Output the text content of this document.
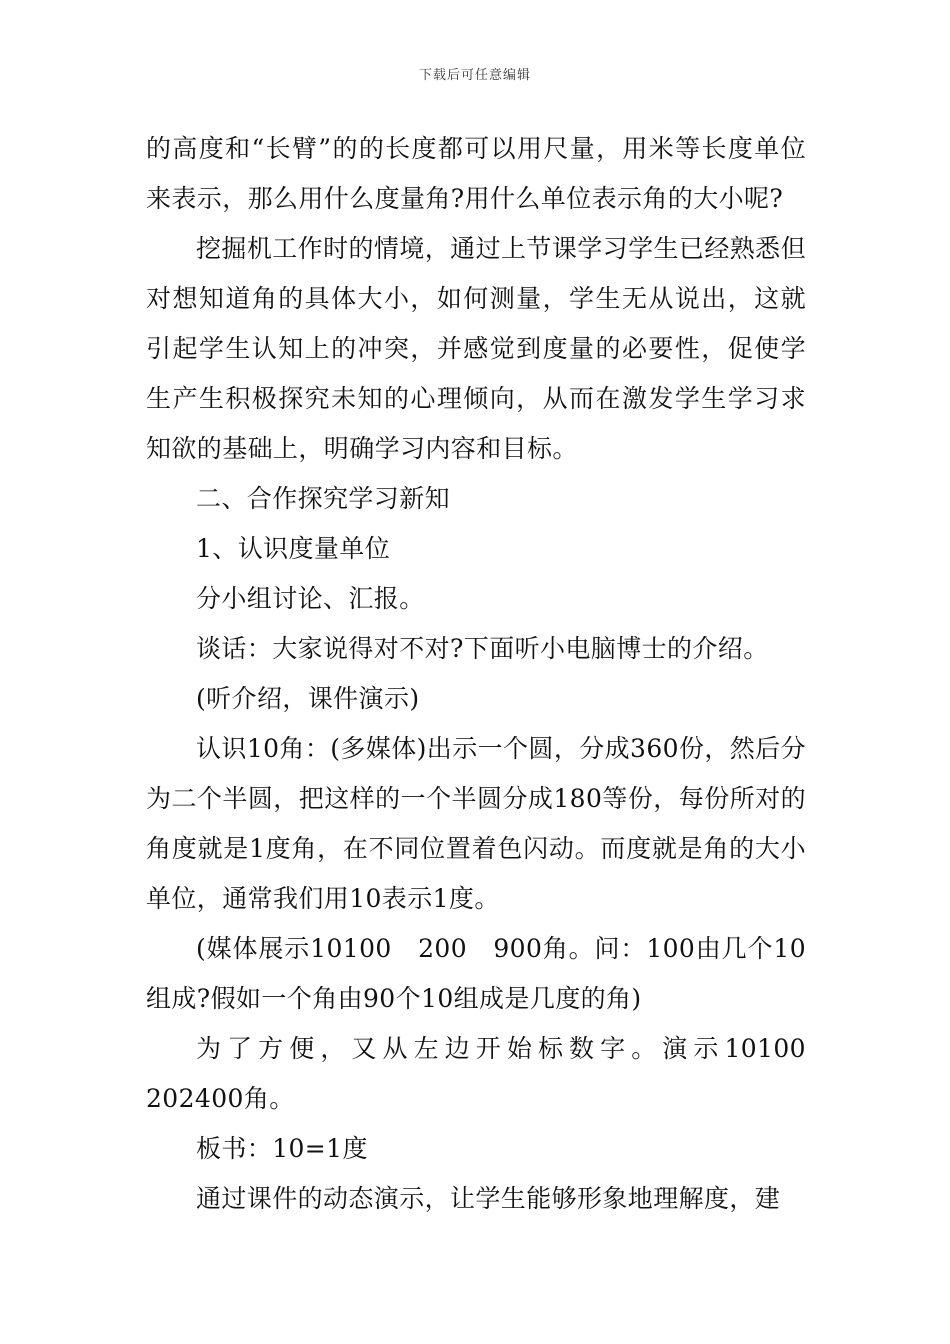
下载后可任意编辑

的高度和“长臂”的的长度都可以用尺量，用米等长度单位来表示，那么用什么度量角?用什么单位表示角的大小呢?

挖掘机工作时的情境，通过上节课学习学生已经熟悉但对想知道角的具体大小，如何测量，学生无从说出，这就引起学生认知上的冲突，并感觉到度量的必要性，促使学生产生积极探究未知的心理倾向，从而在激发学生学习求知欲的基础上，明确学习内容和目标。

二、合作探究学习新知

1、认识度量单位

分小组讨论、汇报。

谈话：大家说得对不对?下面听小电脑博士的介绍。

(听介绍，课件演示)

认识10角：(多媒体)出示一个圆，分成360份，然后分为二个半圆，把这样的一个半圆分成180等份，每份所对的角度就是1度角，在不同位置着色闪动。而度就是角的大小单位，通常我们用10表示1度。

(媒体展示10100　200　900角。问：100由几个10组成?假如一个角由90个10组成是几度的角)

为了方便，又从左边开始标数字。演示10100　202400角。

板书：10=1度

通过课件的动态演示，让学生能够形象地理解度，建
